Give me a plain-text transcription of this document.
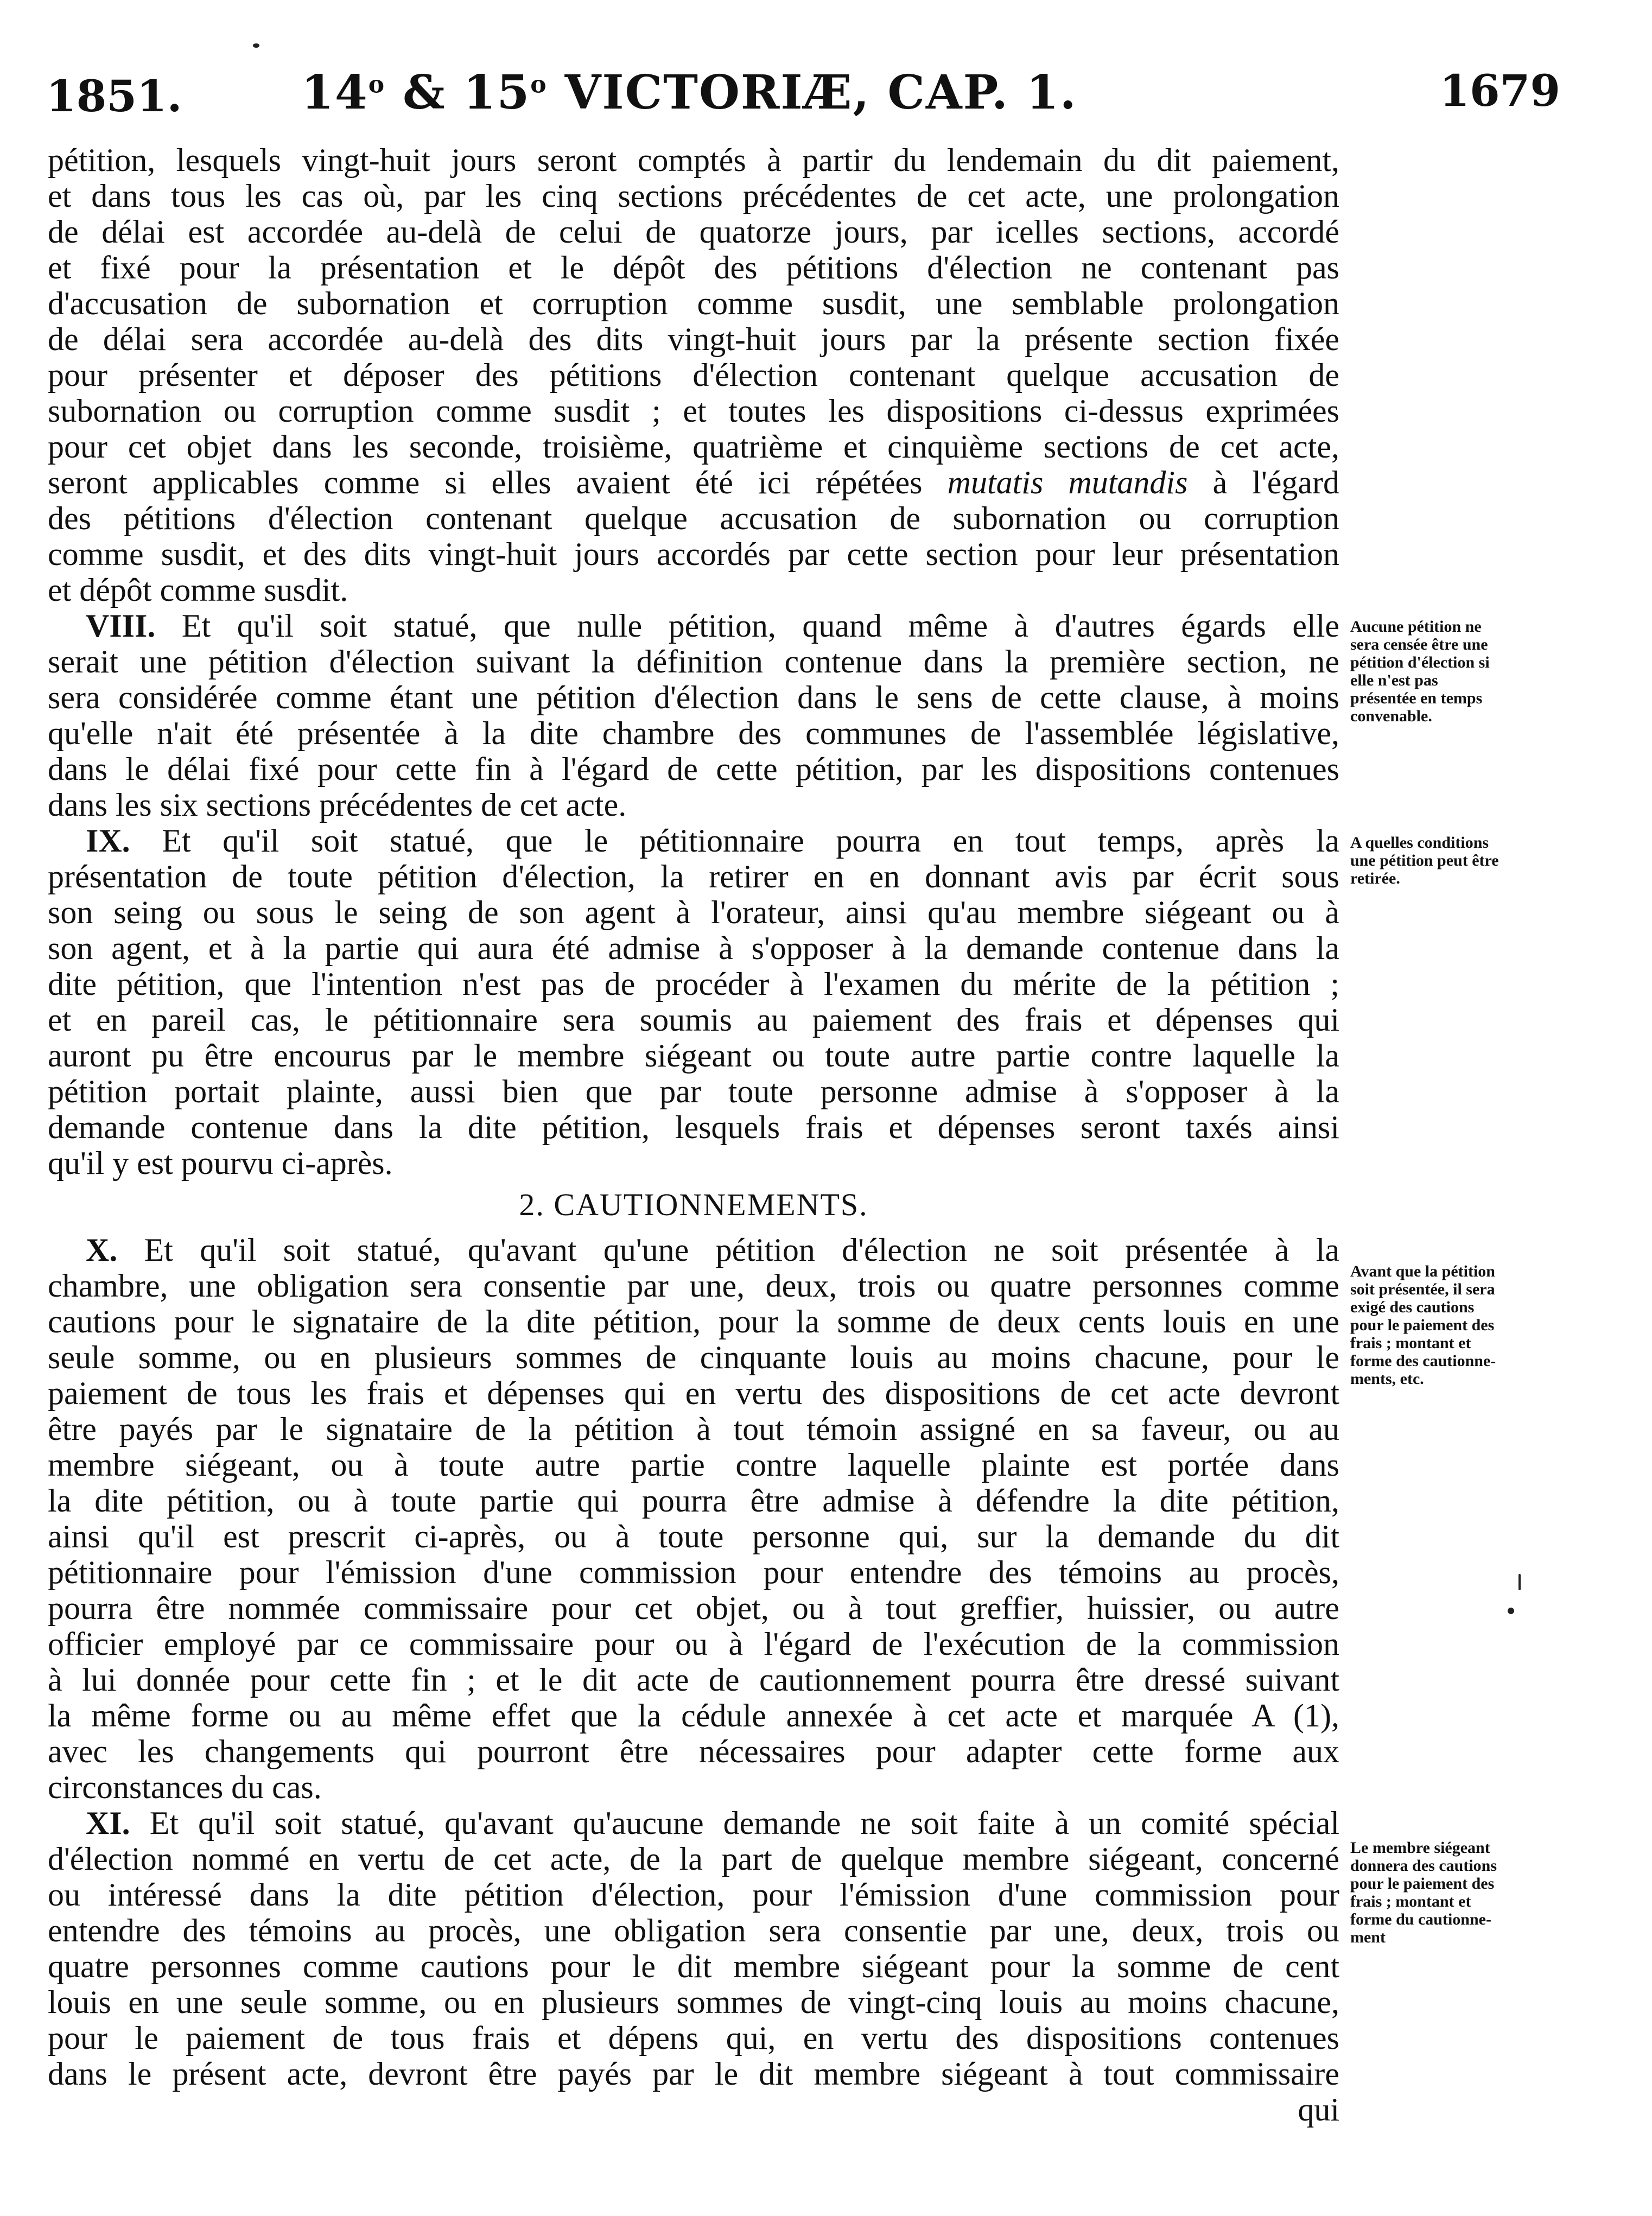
1851.	14$^o$ & 15$^o$ VICTORIÆ, CAP. 1.	1679
pétition, lesquels vingt-huit jours seront comptés à partir du lendemain du dit paiement,
et dans tous les cas où, par les cinq sections précédentes de cet acte, une prolongation
de délai est accordée au-delà de celui de quatorze jours, par icelles sections, accordé
et fixé pour la présentation et le dépôt des pétitions d'élection ne contenant pas
d'accusation de subornation et corruption comme susdit, une semblable prolongation
de délai sera accordée au-delà des dits vingt-huit jours par la présente section fixée
pour présenter et déposer des pétitions d'élection contenant quelque accusation de
subornation ou corruption comme susdit ; et toutes les dispositions ci-dessus exprimées
pour cet objet dans les seconde, troisième, quatrième et cinquième sections de cet acte,
seront applicables comme si elles avaient été ici répétées mutatis mutandis à l'égard
des pétitions d'élection contenant quelque accusation de subornation ou corruption
comme susdit, et des dits vingt-huit jours accordés par cette section pour leur présentation
et dépôt comme susdit.
VIII. Et qu'il soit statué, que nulle pétition, quand même à d'autres égards elle
serait une pétition d'élection suivant la définition contenue dans la première section, ne
sera considérée comme étant une pétition d'élection dans le sens de cette clause, à moins
qu'elle n'ait été présentée à la dite chambre des communes de l'assemblée législative,
dans le délai fixé pour cette fin à l'égard de cette pétition, par les dispositions contenues
dans les six sections précédentes de cet acte.
IX. Et qu'il soit statué, que le pétitionnaire pourra en tout temps, après la
présentation de toute pétition d'élection, la retirer en en donnant avis par écrit sous
son seing ou sous le seing de son agent à l'orateur, ainsi qu'au membre siégeant ou à
son agent, et à la partie qui aura été admise à s'opposer à la demande contenue dans la
dite pétition, que l'intention n'est pas de procéder à l'examen du mérite de la pétition ;
et en pareil cas, le pétitionnaire sera soumis au paiement des frais et dépenses qui
auront pu être encourus par le membre siégeant ou toute autre partie contre laquelle la
pétition portait plainte, aussi bien que par toute personne admise à s'opposer à la
demande contenue dans la dite pétition, lesquels frais et dépenses seront taxés ainsi
qu'il y est pourvu ci-après.
2. CAUTIONNEMENTS.
X. Et qu'il soit statué, qu'avant qu'une pétition d'élection ne soit présentée à la
chambre, une obligation sera consentie par une, deux, trois ou quatre personnes comme
cautions pour le signataire de la dite pétition, pour la somme de deux cents louis en une
seule somme, ou en plusieurs sommes de cinquante louis au moins chacune, pour le
paiement de tous les frais et dépenses qui en vertu des dispositions de cet acte devront
être payés par le signataire de la pétition à tout témoin assigné en sa faveur, ou au
membre siégeant, ou à toute autre partie contre laquelle plainte est portée dans
la dite pétition, ou à toute partie qui pourra être admise à défendre la dite pétition,
ainsi qu'il est prescrit ci-après, ou à toute personne qui, sur la demande du dit
pétitionnaire pour l'émission d'une commission pour entendre des témoins au procès,
pourra être nommée commissaire pour cet objet, ou à tout greffier, huissier, ou autre
officier employé par ce commissaire pour ou à l'égard de l'exécution de la commission
à lui donnée pour cette fin ; et le dit acte de cautionnement pourra être dressé suivant
la même forme ou au même effet que la cédule annexée à cet acte et marquée A (1),
avec les changements qui pourront être nécessaires pour adapter cette forme aux
circonstances du cas.
XI. Et qu'il soit statué, qu'avant qu'aucune demande ne soit faite à un comité spécial
d'élection nommé en vertu de cet acte, de la part de quelque membre siégeant, concerné
ou intéressé dans la dite pétition d'élection, pour l'émission d'une commission pour
entendre des témoins au procès, une obligation sera consentie par une, deux, trois ou
quatre personnes comme cautions pour le dit membre siégeant pour la somme de cent
louis en une seule somme, ou en plusieurs sommes de vingt-cinq louis au moins chacune,
pour le paiement de tous frais et dépens qui, en vertu des dispositions contenues
dans le présent acte, devront être payés par le dit membre siégeant à tout commissaire
qui
Aucune pétition ne
sera censée être une
pétition d'élection si
elle n'est pas
présentée en temps
convenable.
A quelles conditions
une pétition peut être
retirée.
Avant que la pétition
soit présentée, il sera
exigé des cautions
pour le paiement des
frais ; montant et
forme des cautionne-
ments, etc.
Le membre siégeant
donnera des cautions
pour le paiement des
frais ; montant et
forme du cautionne-
ment
